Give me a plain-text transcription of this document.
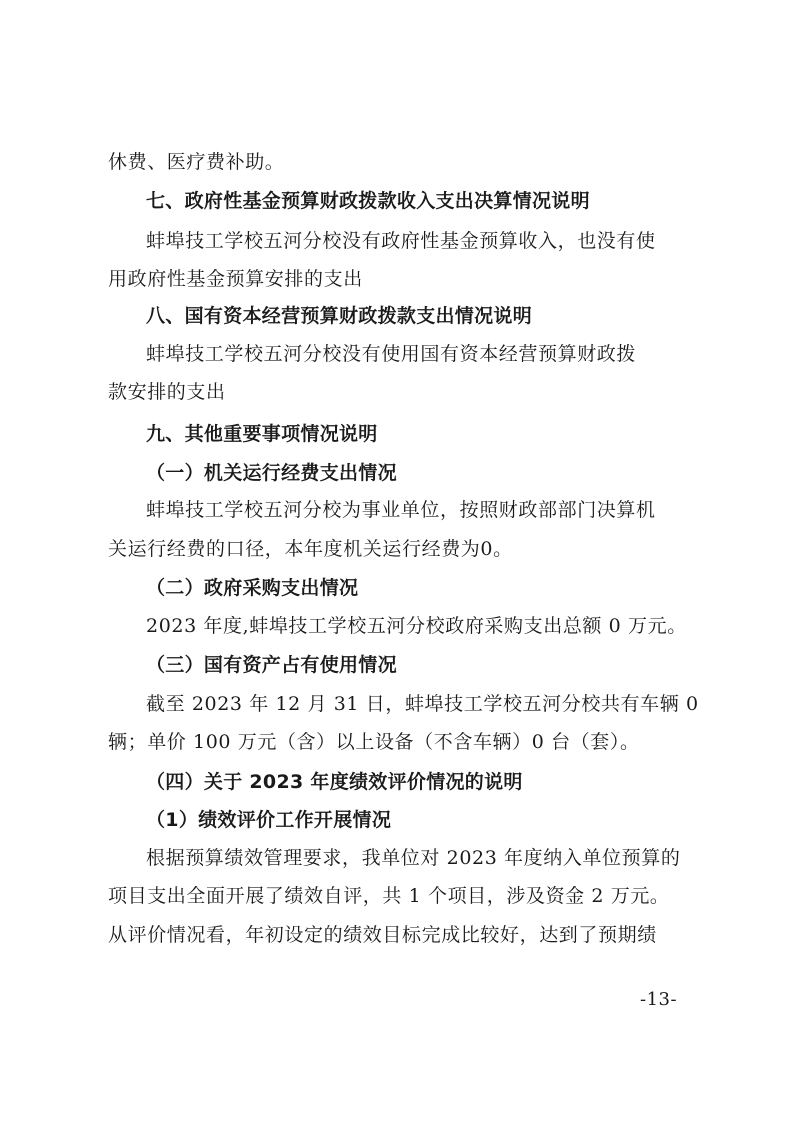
休费、医疗费补助。
七、政府性基金预算财政拨款收入支出决算情况说明
蚌埠技工学校五河分校没有政府性基金预算收入，也没有使
用政府性基金预算安排的支出
八、国有资本经营预算财政拨款支出情况说明
蚌埠技工学校五河分校没有使用国有资本经营预算财政拨
款安排的支出
九、其他重要事项情况说明
（一）机关运行经费支出情况
蚌埠技工学校五河分校为事业单位，按照财政部部门决算机
关运行经费的口径，本年度机关运行经费为0。
（二）政府采购支出情况
2023 年度,蚌埠技工学校五河分校政府采购支出总额 0 万元。
（三）国有资产占有使用情况
截至 2023 年 12 月 31 日，蚌埠技工学校五河分校共有车辆 0
辆；单价 100 万元（含）以上设备（不含车辆）0 台（套）。
（四）关于 2023 年度绩效评价情况的说明
（1）绩效评价工作开展情况
根据预算绩效管理要求，我单位对 2023 年度纳入单位预算的
项目支出全面开展了绩效自评，共 1 个项目，涉及资金 2 万元。
从评价情况看，年初设定的绩效目标完成比较好，达到了预期绩
-13-
